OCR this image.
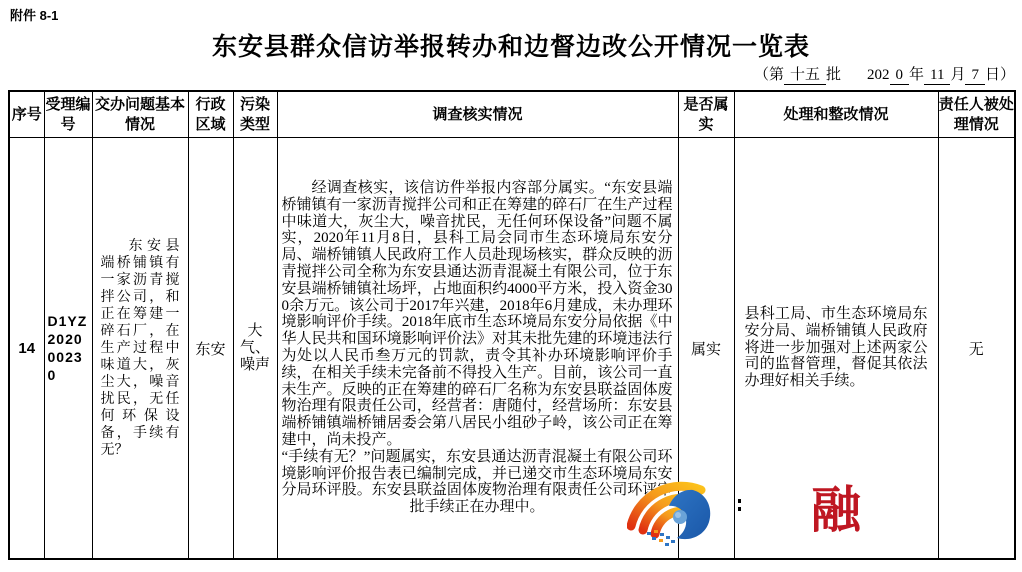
附件 8-1
东安县群众信访举报转办和边督边改公开情况一览表
（第 十五 批 202 0 年 11 月 7 日）
序号	受理编号	交办问题基本情况	行政区域	污染类型	调查核实情况	是否属实	处理和整改情况	责任人被处理情况
14	D1YZ202000230	东安县端桥铺镇有一家沥青搅拌公司，和正在筹建一碎石厂，在生产过程中味道大，灰尘大，噪音扰民，无任何环保设备，手续有无？	东安	大气、噪声	经调查核实，该信访件举报内容部分属实。“东安县端桥铺镇有一家沥青搅拌公司和正在筹建的碎石厂在生产过程中味道大，灰尘大，噪音扰民，无任何环保设备”问题不属实，2020年11月8日，县科工局会同市生态环境局东安分局、端桥铺镇人民政府工作人员赴现场核实，群众反映的沥青搅拌公司全称为东安县通达沥青混凝土有限公司，位于东安县端桥铺镇社场坪，占地面积约4000平方米，投入资金300余万元。该公司于2017年兴建，2018年6月建成，未办理环境影响评价手续。2018年底市生态环境局东安分局依据《中华人民共和国环境影响评价法》对其未批先建的环境违法行为处以人民币叁万元的罚款，责令其补办环境影响评价手续，在相关手续未完备前不得投入生产。目前，该公司一直未生产。反映的正在筹建的碎石厂名称为东安县联益固体废物治理有限责任公司，经营者：唐随付，经营场所：东安县端桥铺镇端桥铺居委会第八居民小组砂子岭，该公司正在筹建中，尚未投产。

“手续有无？”问题属实，东安县通达沥青混凝土有限公司环境影响评价报告表已编制完成，并已递交市生态环境局东安分局环评股。东安县联益固体废物治理有限责任公司环评审批手续正在办理中。	属实	县科工局、市生态环境局东安分局、端桥铺镇人民政府将进一步加强对上述两家公司的监督管理，督促其依法办理好相关手续。	无
融
